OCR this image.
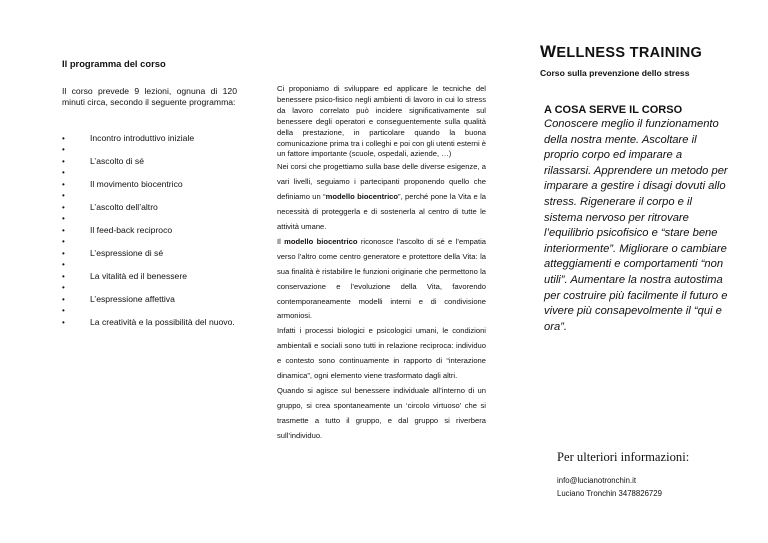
Il programma del corso

Il corso prevede 9 lezioni, ognuna di 120 minuti circa, secondo il seguente programma:

•	Incontro introduttivo iniziale
•
•	L’ascolto di sé
•
•	Il movimento biocentrico
•
•	L’ascolto dell’altro
•
•	Il feed-back reciproco
•
•	L’espressione di sé
•
•	La vitalità ed il benessere
•
•	L’espressione affettiva
•
•	La creatività e la possibilità del nuovo.

Ci proponiamo di sviluppare ed applicare le tecniche del benessere psico-fisico negli ambienti di lavoro in cui lo stress da lavoro correlato può incidere significativamente sul benessere degli operatori e conseguentemente sulla qualità della prestazione, in particolare quando la buona comunicazione prima tra i colleghi e poi con gli utenti esterni è un fattore importante (scuole, ospedali, aziende, …)

Nei corsi che progettiamo sulla base delle diverse esigenze, a vari livelli, seguiamo i partecipanti proponendo quello che definiamo un “modello biocentrico”, perché pone la Vita e la necessità di proteggerla e di sostenerla al centro di tutte le attività umane.

Il modello biocentrico riconosce l’ascolto di sé e l’empatia verso l’altro come centro generatore e protettore della Vita: la sua finalità è ristabilire le funzioni originarie che permettono la conservazione e l’evoluzione della Vita, favorendo contemporaneamente modelli interni e di condivisione armoniosi.

Infatti i processi biologici e psicologici umani, le condizioni ambientali e sociali sono tutti in relazione reciproca: individuo e contesto sono continuamente in rapporto di “interazione dinamica”, ogni elemento viene trasformato dagli altri.

Quando si agisce sul benessere individuale all’interno di un gruppo, si crea spontaneamente un ‘circolo virtuoso’ che si trasmette a tutto il gruppo, e dal gruppo si riverbera sull’individuo.

WELLNESS TRAINING
Corso sulla prevenzione dello stress
A COSA SERVE IL CORSO
Conoscere meglio il funzionamento della nostra mente. Ascoltare il proprio corpo ed imparare a rilassarsi. Apprendere un metodo per imparare a gestire i disagi dovuti allo stress. Rigenerare il corpo e il sistema nervoso per ritrovare l’equilibrio psicofisico e “stare bene interiormente”. Migliorare o cambiare atteggiamenti e comportamenti “non utili”. Aumentare la nostra autostima per costruire più facilmente il futuro e vivere più consapevolmente il “qui e ora”.
Per ulteriori informazioni:
info@lucianotronchin.it
Luciano Tronchin 3478826729
